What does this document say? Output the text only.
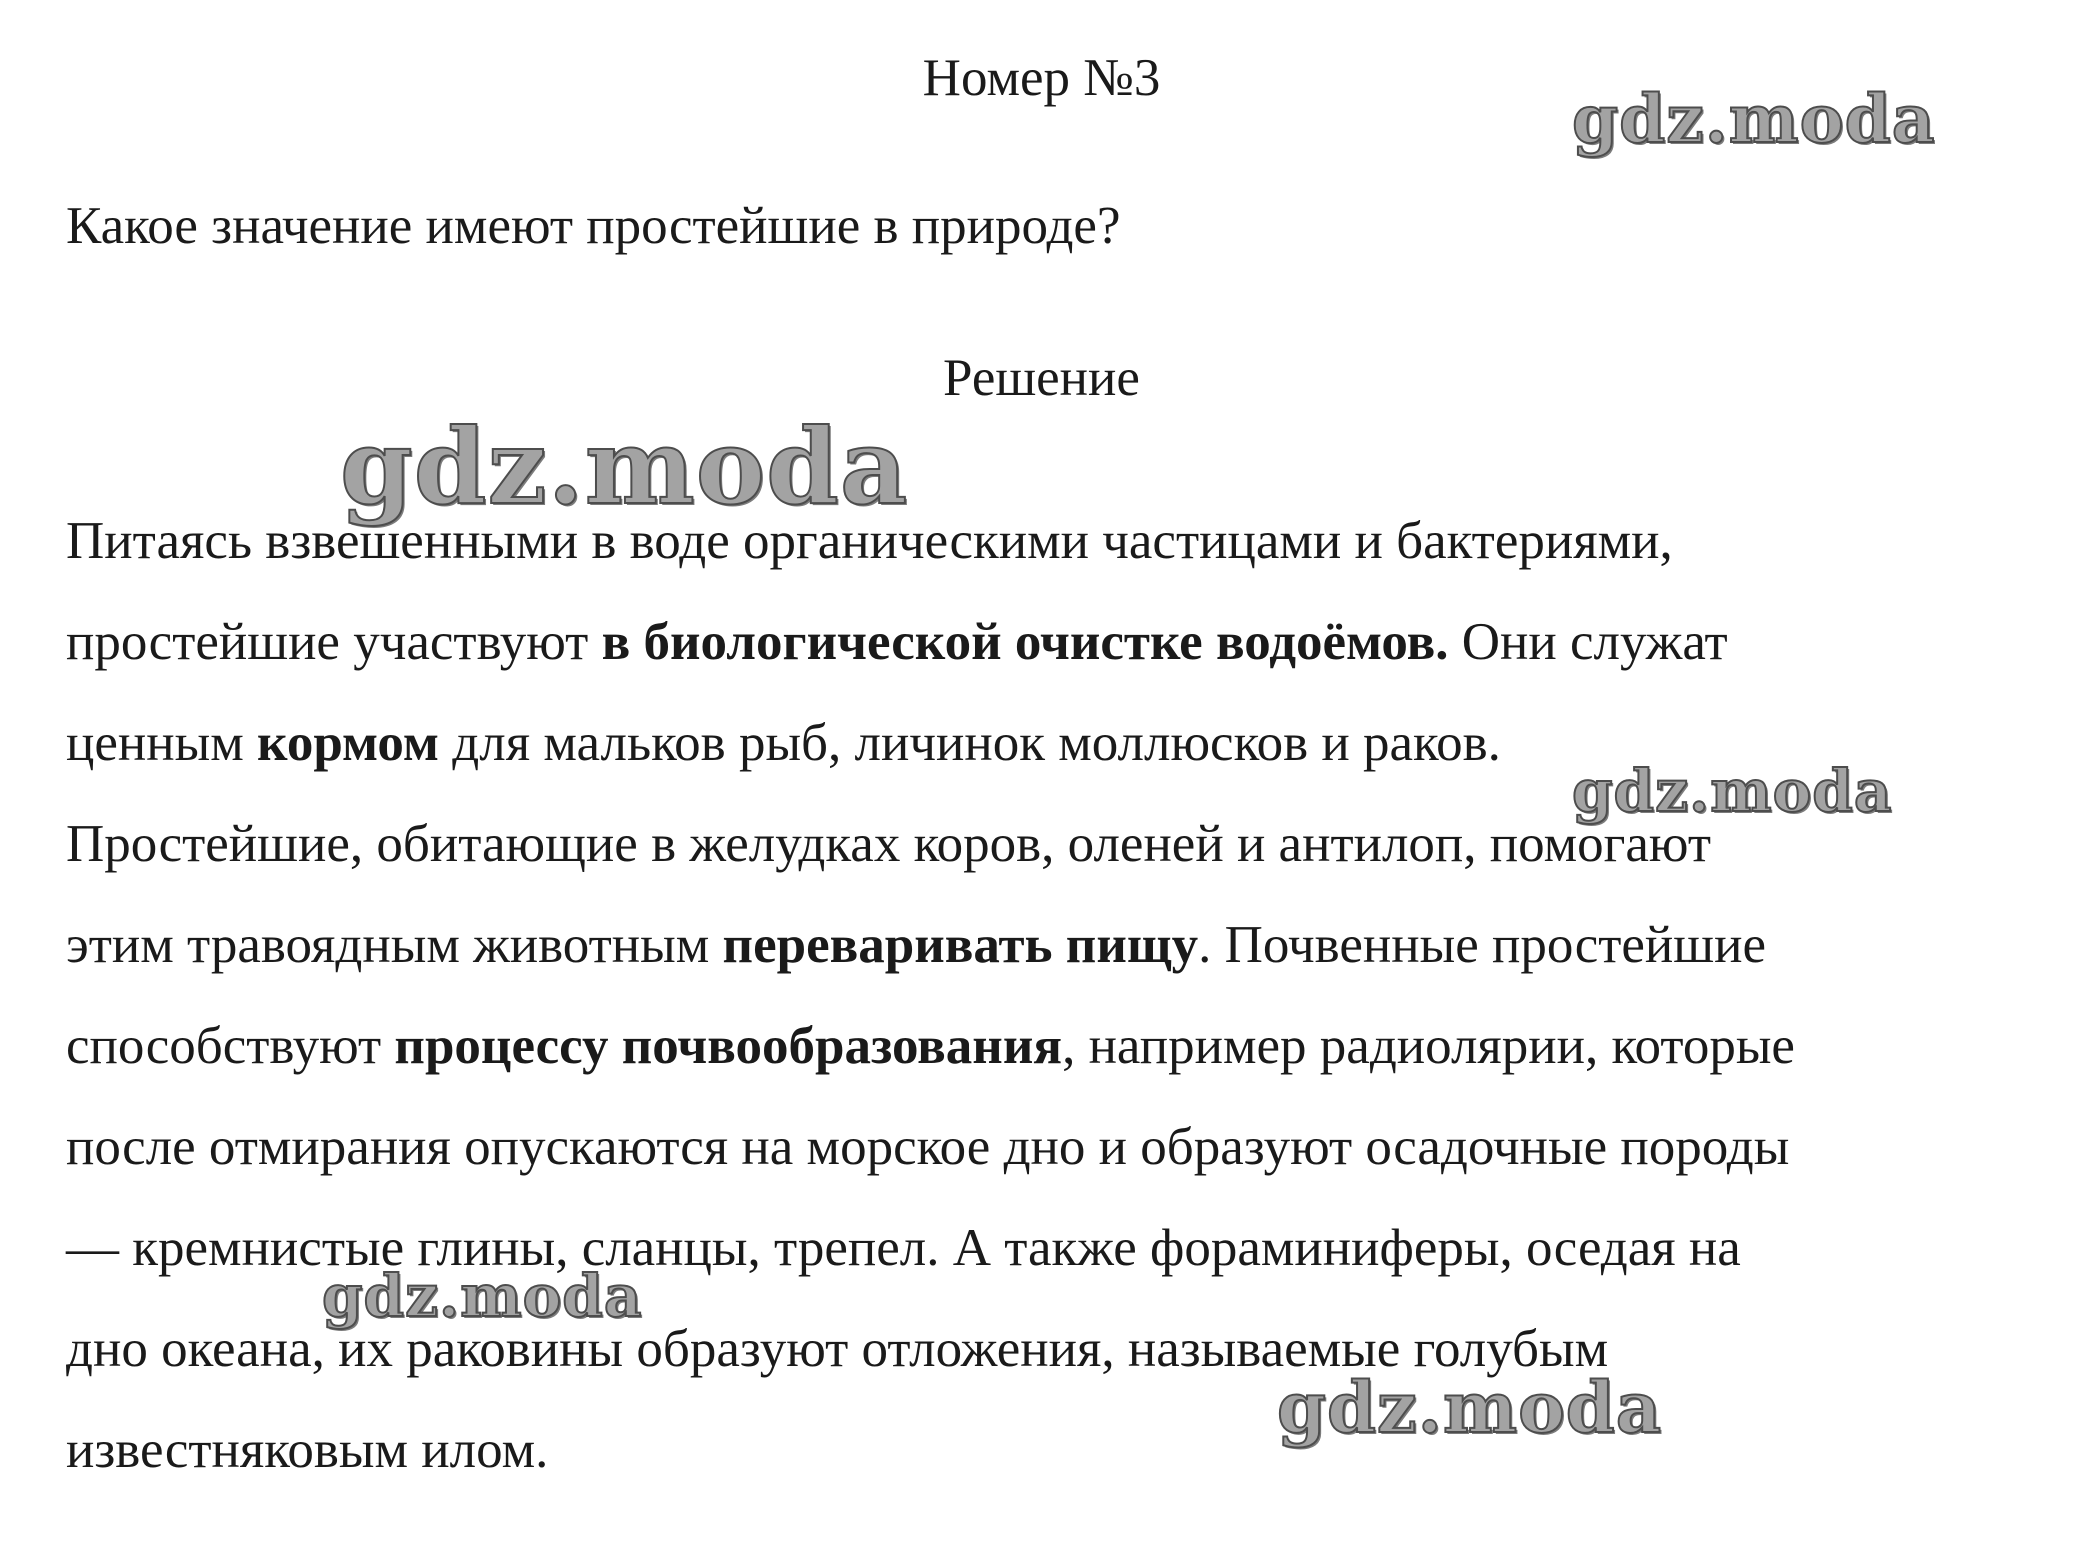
Номер №3
Какое значение имеют простейшие в природе?
Решение
Питаясь взвешенными в воде органическими частицами и бактериями,
простейшие участвуют в биологической очистке водоёмов. Они служат
ценным кормом для мальков рыб, личинок моллюсков и раков.
Простейшие, обитающие в желудках коров, оленей и антилоп, помогают
этим травоядным животным переваривать пищу. Почвенные простейшие
способствуют процессу почвообразования, например радиолярии, которые
после отмирания опускаются на морское дно и образуют осадочные породы
— кремнистые глины, сланцы, трепел. А также фораминиферы, оседая на
дно океана, их раковины образуют отложения, называемые голубым
известняковым илом.
gdz.moda
gdz.moda
gdz.moda
gdz.moda
gdz.moda
